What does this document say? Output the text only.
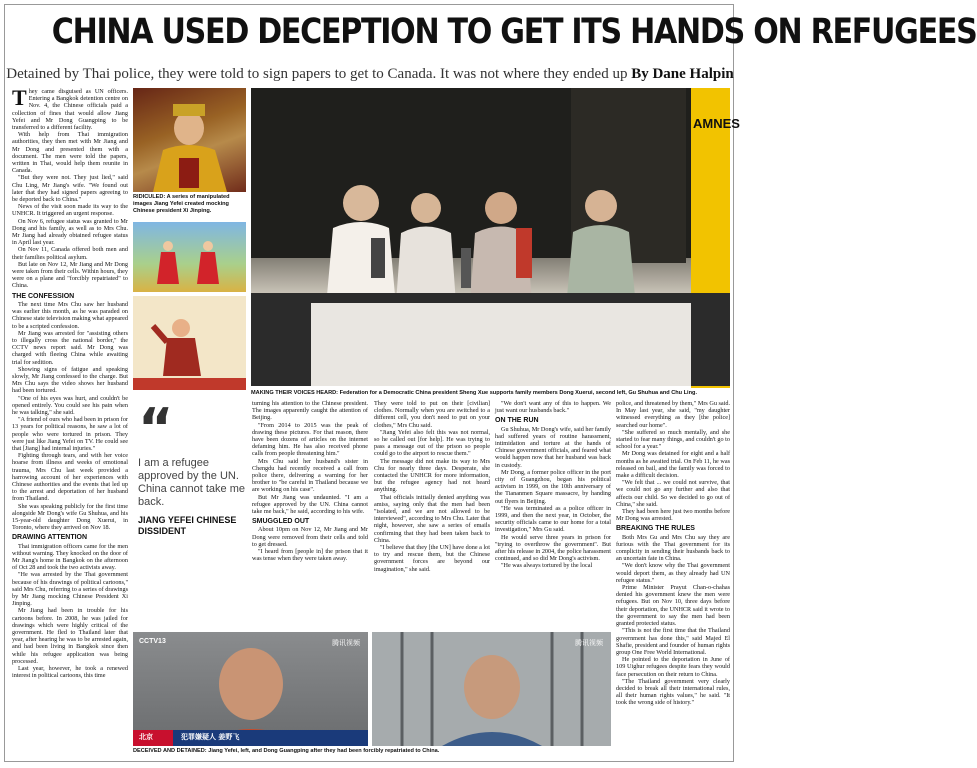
CHINA USED DECEPTION TO GET ITS HANDS ON REFUGEES
Detained by Thai police, they were told to sign papers to get to Canada. It was not where they ended up By Dane Halpin

They came disguised as UN officers. Entering a Bangkok detention centre on Nov. 4, the Chinese officials paid a collection of fines that would allow Jiang Yefei and Mr Dong Guangping to be transferred to a different facility.

With help from Thai immigration authorities, they then met with Mr Jiang and Mr Dong and presented them with a document. The men were told the papers, written in Thai, would help them reunite in Canada.

"But they were not. They just lied," said Chu Ling, Mr Jiang's wife. "We found out later that they had signed papers agreeing to be deported back to China."

News of the visit soon made its way to the UNHCR. It triggered an urgent response.

On Nov 6, refugee status was granted to Mr Dong and his family, as well as to Mrs Chu. Mr Jiang had already obtained refugee status in April last year.

On Nov 11, Canada offered both men and their families political asylum.

But late on Nov 12, Mr Jiang and Mr Dong were taken from their cells. Within hours, they were on a plane and "forcibly repatriated" to China.

THE CONFESSION

The next time Mrs Chu saw her husband was earlier this month, as he was paraded on Chinese state television making what appeared to be a scripted confession.

Mr Jiang was arrested for "assisting others to illegally cross the national border," the CCTV news report said. Mr Dong was charged with fleeing China while awaiting trial for sedition.

Showing signs of fatigue and speaking slowly, Mr Jiang confessed to the charge. But Mrs Chu says the video shows her husband had been tortured.

"One of his eyes was hurt, and couldn't be opened entirely. You could see his pain when he was talking," she said.

"A friend of ours who had been in prison for 13 years for political reasons, he saw a lot of people who were tortured in prison. They were just like Jiang Yefei on TV. He could see that [Jiang] had internal injuries."

Fighting through tears, and with her voice hoarse from illness and weeks of emotional trauma, Mrs Chu last week provided a harrowing account of her experiences with Chinese authorities and the events that led up to the arrest and deportation of her husband from Thailand.

She was speaking publicly for the first time alongside Mr Dong's wife Gu Shuhua, and his 15-year-old daughter Dong Xuerui, in Toronto, where they arrived on Nov 18.

DRAWING ATTENTION

Thai immigration officers came for the men without warning. They knocked on the door of Mr Jiang's home in Bangkok on the afternoon of Oct 28 and took the two activists away.

"He was arrested by the Thai government because of his drawings of political cartoons," said Mrs Chu, referring to a series of drawings by Mr Jiang mocking Chinese President Xi Jinping.

Mr Jiang had been in trouble for his cartoons before. In 2008, he was jailed for drawings which were highly critical of the government. He fled to Thailand later that year, after hearing he was to be arrested again, and had been living in Bangkok since then while his refugee application was being processed.

Last year, however, he took a renewed interest in political cartoons, this time

RIDICULED: A series of manipulated images Jiang Yefei created mocking Chinese president Xi Jinping.
AMNES
MAKING THEIR VOICES HEARD: Federation for a Democratic China president Sheng Xue supports family members Dong Xuerui, second left, Gu Shuhua and Chu Ling.
“
I am a refugee approved by the UN. China cannot take me back.
JIANG YEFEI CHINESE DISSIDENT

turning his attention to the Chinese president. The images apparently caught the attention of Beijing.

"From 2014 to 2015 was the peak of drawing these pictures. For that reason, there have been dozens of articles on the internet defaming him. He has also received phone calls from people threatening him."

Mrs Chu said her husband's sister in Chengdu had recently received a call from police there, delivering a warning for her brother to "be careful in Thailand because we are working on his case".

But Mr Jiang was undaunted. "I am a refugee approved by the UN. China cannot take me back," he said, according to his wife.

SMUGGLED OUT

About 10pm on Nov 12, Mr Jiang and Mr Dong were removed from their cells and told to get dressed.

"I heard from [people in] the prison that it was tense when they were taken away.

They were told to put on their [civilian] clothes. Normally when you are switched to a different cell, you don't need to put on your clothes," Mrs Chu said.

"Jiang Yefei also felt this was not normal, so he called out [for help]. He was trying to pass a message out of the prison so people could go to the airport to rescue them."

The message did not make its way to Mrs Chu for nearly three days. Desperate, she contacted the UNHCR for more information, but the refugee agency had not heard anything.

Thai officials initially denied anything was amiss, saying only that the men had been "isolated, and we are not allowed to be interviewed", according to Mrs Chu. Later that night, however, she saw a series of emails confirming that they had been taken back to China.

"I believe that they [the UN] have done a lot to try and rescue them, but the Chinese government forces are beyond our imagination," she said.

"We don't want any of this to happen. We just want our husbands back."

ON THE RUN

Gu Shuhua, Mr Dong's wife, said her family had suffered years of routine harassment, intimidation and torture at the hands of Chinese government officials, and feared what would happen now that her husband was back in custody.

Mr Dong, a former police officer in the port city of Guangzhou, began his political activism in 1999, on the 10th anniversary of the Tiananmen Square massacre, by handing out flyers in Beijing.

"He was terminated as a police officer in 1999, and then the next year, in October, the security officials came to our home for a total investigation," Mrs Gu said.

He would serve three years in prison for "trying to overthrow the government". But after his release in 2004, the police harassment continued, and so did Mr Dong's activism.

"He was always tortured by the local

police, and threatened by them," Mrs Gu said. In May last year, she said, "my daughter witnessed everything as they [the police] searched our home".

"She suffered so much mentally, and she started to fear many things, and couldn't go to school for a year."

Mr Dong was detained for eight and a half months as he awaited trial. On Feb 11, he was released on bail, and the family was forced to make a difficult decision.

"We felt that ... we could not survive, that we could not go any further and also that affects our child. So we decided to go out of China," she said.

They had been here just two months before Mr Dong was arrested.

BREAKING THE RULES

Both Mrs Gu and Mrs Chu say they are furious with the Thai government for its complicity in sending their husbands back to an uncertain fate in China.

"We don't know why the Thai government would deport them, as they already had UN refugee status."

Prime Minister Prayut Chan-o-chahas denied his government knew the men were refugees. But on Nov 10, three days before their deportation, the UNHCR said it wrote to the government to say the men had been granted protected status.

"This is not the first time that the Thailand government has done this," said Majed El Shafie, president and founder of human rights group One Free World International.

He pointed to the deportation in June of 109 Uighur refugees despite fears they would face persecution on their return to China.

"The Thailand government very clearly decided to break all their international rules, all their human rights values," he said. "It took the wrong side of history."

CCTV13	腾讯视频
北京	犯罪嫌疑人 姜野飞
腾讯视频
DECEIVED AND DETAINED: Jiang Yefei, left, and Dong Guangping after they had been forcibly repatriated to China.
